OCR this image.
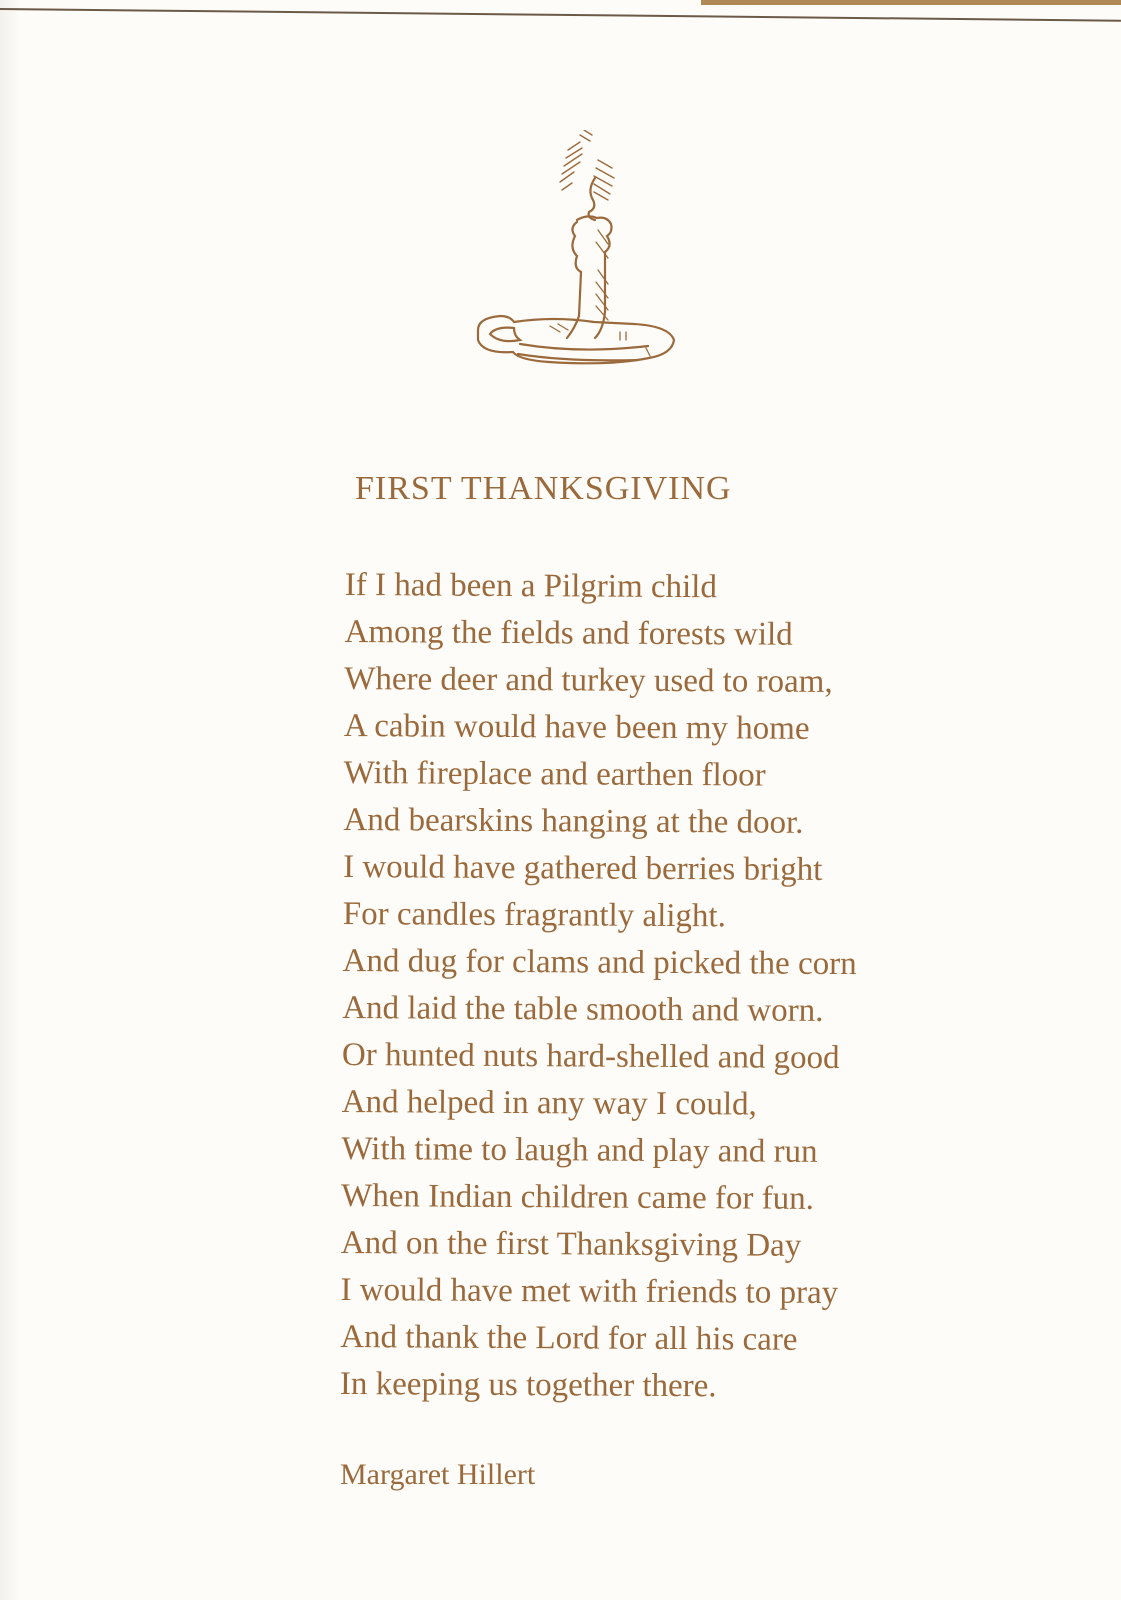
FIRST THANKSGIVING
If I had been a Pilgrim child
Among the fields and forests wild
Where deer and turkey used to roam,
A cabin would have been my home
With fireplace and earthen floor
And bearskins hanging at the door.
I would have gathered berries bright
For candles fragrantly alight.
And dug for clams and picked the corn
And laid the table smooth and worn.
Or hunted nuts hard-shelled and good
And helped in any way I could,
With time to laugh and play and run
When Indian children came for fun.
And on the first Thanksgiving Day
I would have met with friends to pray
And thank the Lord for all his care
In keeping us together there.
Margaret Hillert
